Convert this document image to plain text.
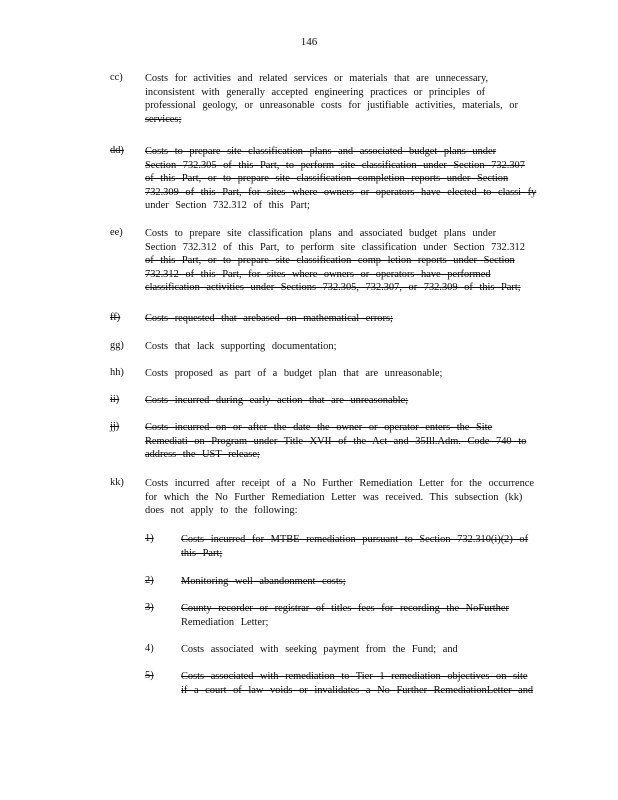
146
cc) Costs for activities and related services or materials that are unnecessary,
inconsistent with generally accepted engineering practices or principles of
professional geology, or unreasonable costs for justifiable activities, materials, or
services;
dd) Costs to prepare site classification plans and associated budget plans under
Section 732.305 of this Part, to perform site classification under Section 732.307
of this Part, or to prepare site classification completion reports under Section
732.309 of this Part, for sites where owners or operators have elected to classi fy
under Section 732.312 of this Part;
ee) Costs to prepare site classification plans and associated budget plans under
Section 732.312 of this Part, to perform site classification under Section 732.312
of this Part, or to prepare site classification comp letion reports under Section
732.312 of this Part, for sites where owners or operators have performed
classification activities under Sections 732.305, 732.307, or 732.309 of this Part;
ff) Costs requested that arebased on mathematical errors;
gg) Costs that lack supporting documentation;
hh) Costs proposed as part of a budget plan that are unreasonable;
ii) Costs incurred during early action that are unreasonable;
jj) Costs incurred on or after the date the owner or operator enters the Site
Remediati on Program under Title XVII of the Act and 35Ill.Adm. Code 740 to
address the UST release;
kk) Costs incurred after receipt of a No Further Remediation Letter for the occurrence
for which the No Further Remediation Letter was received. This subsection (kk)
does not apply to the following:
1)	Costs incurred for MTBE remediation pursuant to Section 732.310(i)(2) of
this Part;
2)	Monitoring well abandonment costs;
3)	County recorder or registrar of titles fees for recording the NoFurther
Remediation Letter;
4)	Costs associated with seeking payment from the Fund; and
5)	Costs associated with remediation to Tier 1 remediation objectives on site
if a court of law voids or invalidates a No Further RemediationLetter and
